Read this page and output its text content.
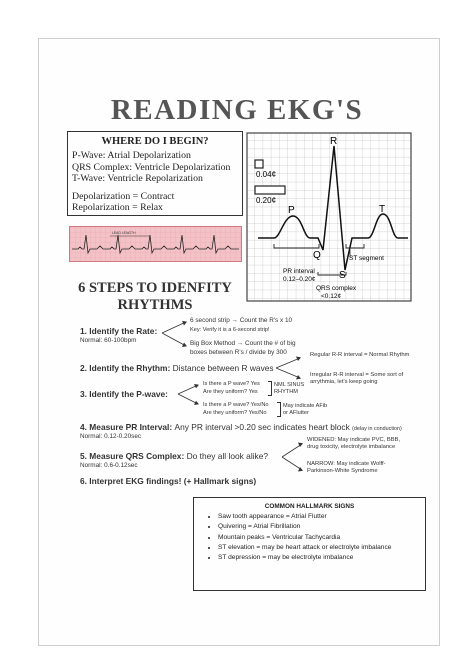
READING EKG'S
WHERE DO I BEGIN?
P-Wave: Atrial Depolarization
QRS Complex: Ventricle Depolarization
T-Wave: Ventricle Repolarization
Depolarization = Contract
Repolarization = Relax
R
P
Q
S
T
0.04¢
0.20¢
ST segment
PR interval
0.12–0.20¢
QRS complex
<0.12¢
LEAD LENGTH
6 STEPS TO IDENFITY
RHYTHMS
1. Identify the Rate:
Normal: 60-100bpm
6 second strip → Count the R's x 10
Key: Verify it is a 6-second strip!
Big Box Method → Count the # of big
boxes between R's / divide by 300
2. Identify the Rhythm: Distance between R waves
Regular R-R interval = Normal Rhythm
Irregular R-R interval = Some sort of
arrythmia, let's keep going
3. Identify the P-wave:
Is there a P wave? Yes
Are they uniform? Yes
NML SINUS
RHYTHM
Is there a P wave? Yes/No
Are they uniform? Yes/No
May indicate AFib
or AFlutter
4. Measure PR Interval: Any PR interval >0.20 sec indicates heart block (delay in conduction)
Normal: 0.12-0.20sec
5. Measure QRS Complex: Do they all look alike?
Normal: 0.6-0.12sec
WIDENED: May indicate PVC, BBB,
drug toxicity, electrolyte imbalance
NARROW: May indicate Wolff-
Parkinson-White Syndrome
6. Interpret EKG findings! (+ Hallmark signs)
COMMON HALLMARK SIGNS
• Saw tooth appearance = Atrial Flutter
• Quivering = Atrial Fibrillation
• Mountain peaks = Ventricular Tachycardia
• ST elevation = may be heart attack or electrolyte imbalance
• ST depression = may be electrolyte imbalance
